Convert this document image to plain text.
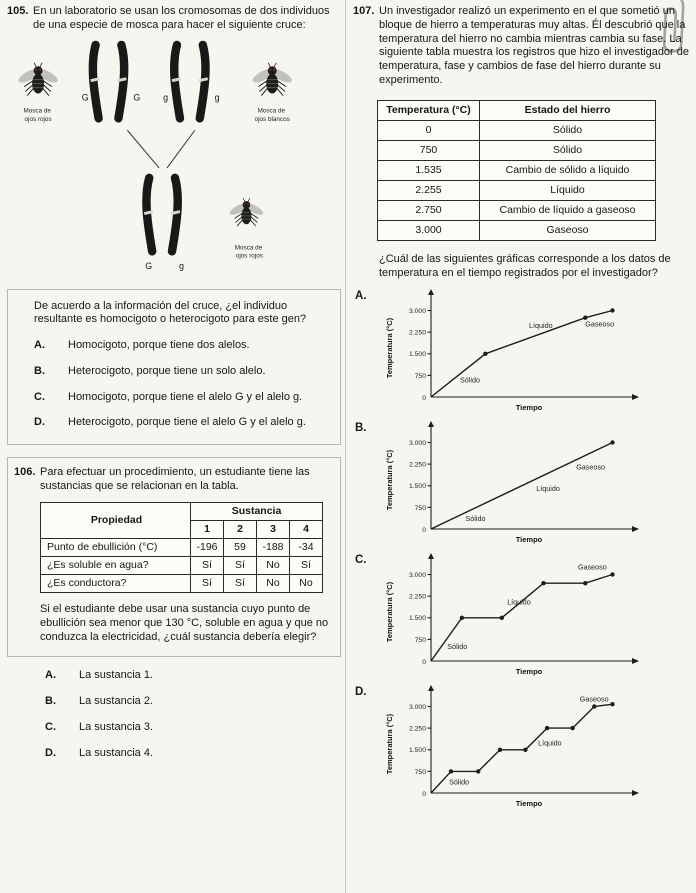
105. En un laboratorio se usan los cromosomas de dos individuos de una especie de mosca para hacer el siguiente cruce:

Mosca de ojos rojos
G	G	g	g
Mosca de ojos blancos
G	g
Mosca de ojos rojos

De acuerdo a la información del cruce, ¿el individuo resultante es homocigoto o heterocigoto para este gen?

A.	Homocigoto, porque tiene dos alelos.
B.	Heterocigoto, porque tiene un solo alelo.
C.	Homocigoto, porque tiene el alelo G y el alelo g.
D.	Heterocigoto, porque tiene el alelo G y el alelo g.
106. Para efectuar un procedimiento, un estudiante tiene las sustancias que se relacionan en la tabla.

Propiedad	Sustancia			
	1	2	3	4
Punto de ebullición (°C)	-196	59	-188	-34
¿Es soluble en agua?	Sí	Sí	No	Sí
¿Es conductora?	Sí	Sí	No	No

Si el estudiante debe usar una sustancia cuyo punto de ebullición sea menor que 130 °C, soluble en agua y que no conduzca la electricidad, ¿cuál sustancia debería elegir?

A.	La sustancia 1.
B.	La sustancia 2.
C.	La sustancia 3.
D.	La sustancia 4.
107. Un investigador realizó un experimento en el que sometió un bloque de hierro a temperaturas muy altas. Él descubrió que la temperatura del hierro no cambia mientras cambia su fase. La siguiente tabla muestra los registros que hizo el investigador de temperatura, fase y cambios de fase del hierro durante su experimento.

Temperatura (°C)	Estado del hierro
0	Sólido
750	Sólido
1.535	Cambio de sólido a líquido
2.255	Líquido
2.750	Cambio de líquido a gaseoso
3.000	Gaseoso

¿Cuál de las siguientes gráficas corresponde a los datos de temperatura en el tiempo registrados por el investigador?

A.
750
1.500
2.250
3.000
0
Sólido
Líquido	Gaseoso
Temperatura (°C)
Tiempo
B.
750
1.500
2.250
3.000
0
Sólido
Líquido
Gaseoso
Temperatura (°C)
Tiempo
C.
750
1.500
2.250
3.000
0
Sólido
Líquido
Gaseoso
Temperatura (°C)
Tiempo
D.
750
1.500
2.250
3.000
0
Sólido
Líquido
Gaseoso
Temperatura (°C)
Tiempo
